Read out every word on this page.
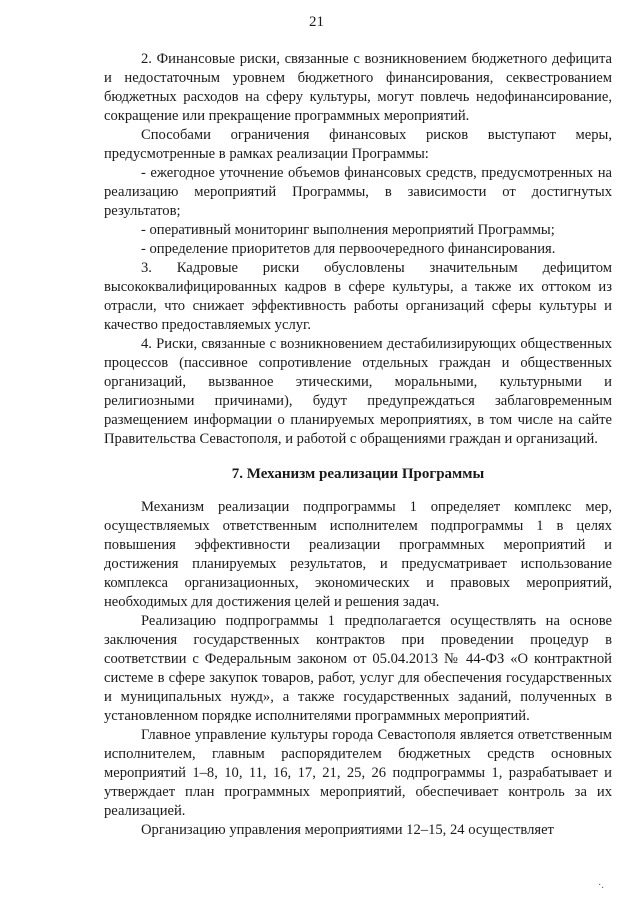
21

2. Финансовые риски, связанные с возникновением бюджетного дефицита и недостаточным уровнем бюджетного финансирования, секвестрованием бюджетных расходов на сферу культуры, могут повлечь недофинансирование, сокращение или прекращение программных мероприятий.

Способами ограничения финансовых рисков выступают меры, предусмотренные в рамках реализации Программы:

- ежегодное уточнение объемов финансовых средств, предусмотренных на реализацию мероприятий Программы, в зависимости от достигнутых результатов;

- оперативный мониторинг выполнения мероприятий Программы;

- определение приоритетов для первоочередного финансирования.

3. Кадровые риски обусловлены значительным дефицитом высококвалифицированных кадров в сфере культуры, а также их оттоком из отрасли, что снижает эффективность работы организаций сферы культуры и качество предоставляемых услуг.

4. Риски, связанные с возникновением дестабилизирующих общественных процессов (пассивное сопротивление отдельных граждан и общественных организаций, вызванное этическими, моральными, культурными и религиозными причинами), будут предупреждаться заблаговременным размещением информации о планируемых мероприятиях, в том числе на сайте Правительства Севастополя, и работой с обращениями граждан и организаций.

7. Механизм реализации Программы

Механизм реализации подпрограммы 1 определяет комплекс мер, осуществляемых ответственным исполнителем подпрограммы 1 в целях повышения эффективности реализации программных мероприятий и достижения планируемых результатов, и предусматривает использование комплекса организационных, экономических и правовых мероприятий, необходимых для достижения целей и решения задач.

Реализацию подпрограммы 1 предполагается осуществлять на основе заключения государственных контрактов при проведении процедур в соответствии с Федеральным законом от 05.04.2013 № 44-ФЗ «О контрактной системе в сфере закупок товаров, работ, услуг для обеспечения государственных и муниципальных нужд», а также государственных заданий, полученных в установленном порядке исполнителями программных мероприятий.

Главное управление культуры города Севастополя является ответственным исполнителем, главным распорядителем бюджетных средств основных мероприятий 1–8, 10, 11, 16, 17, 21, 25, 26 подпрограммы 1, разрабатывает и утверждает план программных мероприятий, обеспечивает контроль за их реализацией.

Организацию управления мероприятиями 12–15, 24 осуществляет

·.
